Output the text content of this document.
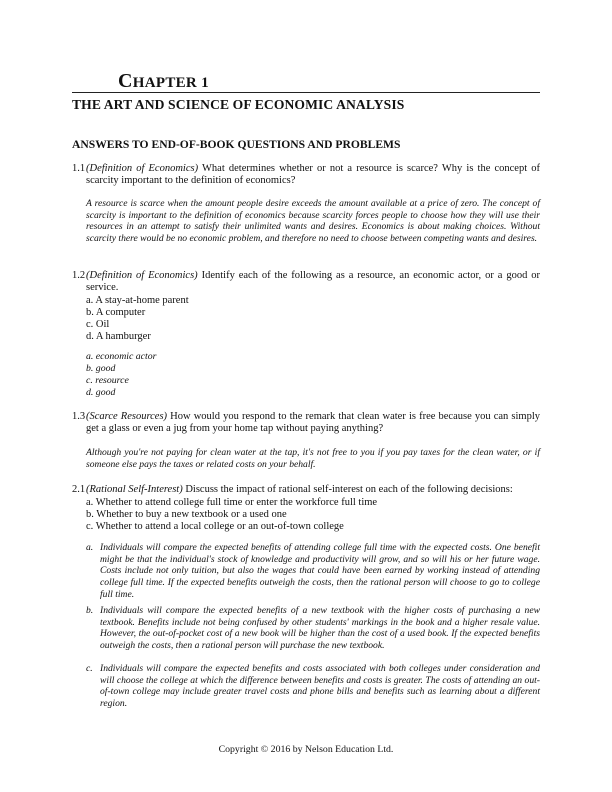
CHAPTER 1
THE ART AND SCIENCE OF ECONOMIC ANALYSIS
ANSWERS TO END-OF-BOOK QUESTIONS AND PROBLEMS
1.1 (Definition of Economics) What determines whether or not a resource is scarce? Why is the concept of scarcity important to the definition of economics?
A resource is scarce when the amount people desire exceeds the amount available at a price of zero. The concept of scarcity is important to the definition of economics because scarcity forces people to choose how they will use their resources in an attempt to satisfy their unlimited wants and desires. Economics is about making choices. Without scarcity there would be no economic problem, and therefore no need to choose between competing wants and desires.
1.2 (Definition of Economics) Identify each of the following as a resource, an economic actor, or a good or service.
a. A stay-at-home parent
b. A computer
c. Oil
d. A hamburger
a. economic actor
b. good
c. resource
d. good
1.3 (Scarce Resources) How would you respond to the remark that clean water is free because you can simply get a glass or even a jug from your home tap without paying anything?
Although you're not paying for clean water at the tap, it's not free to you if you pay taxes for the clean water, or if someone else pays the taxes or related costs on your behalf.
2.1 (Rational Self-Interest) Discuss the impact of rational self-interest on each of the following decisions:
a. Whether to attend college full time or enter the workforce full time
b. Whether to buy a new textbook or a used one
c. Whether to attend a local college or an out-of-town college
a. Individuals will compare the expected benefits of attending college full time with the expected costs. One benefit might be that the individual's stock of knowledge and productivity will grow, and so will his or her future wage. Costs include not only tuition, but also the wages that could have been earned by working instead of attending college full time. If the expected benefits outweigh the costs, then the rational person will choose to go to college full time.
b. Individuals will compare the expected benefits of a new textbook with the higher costs of purchasing a new textbook. Benefits include not being confused by other students' markings in the book and a higher resale value. However, the out-of-pocket cost of a new book will be higher than the cost of a used book. If the expected benefits outweigh the costs, then a rational person will purchase the new textbook.
c. Individuals will compare the expected benefits and costs associated with both colleges under consideration and will choose the college at which the difference between benefits and costs is greater. The costs of attending an out-of-town college may include greater travel costs and phone bills and benefits such as learning about a different region.
Copyright © 2016 by Nelson Education Ltd.
